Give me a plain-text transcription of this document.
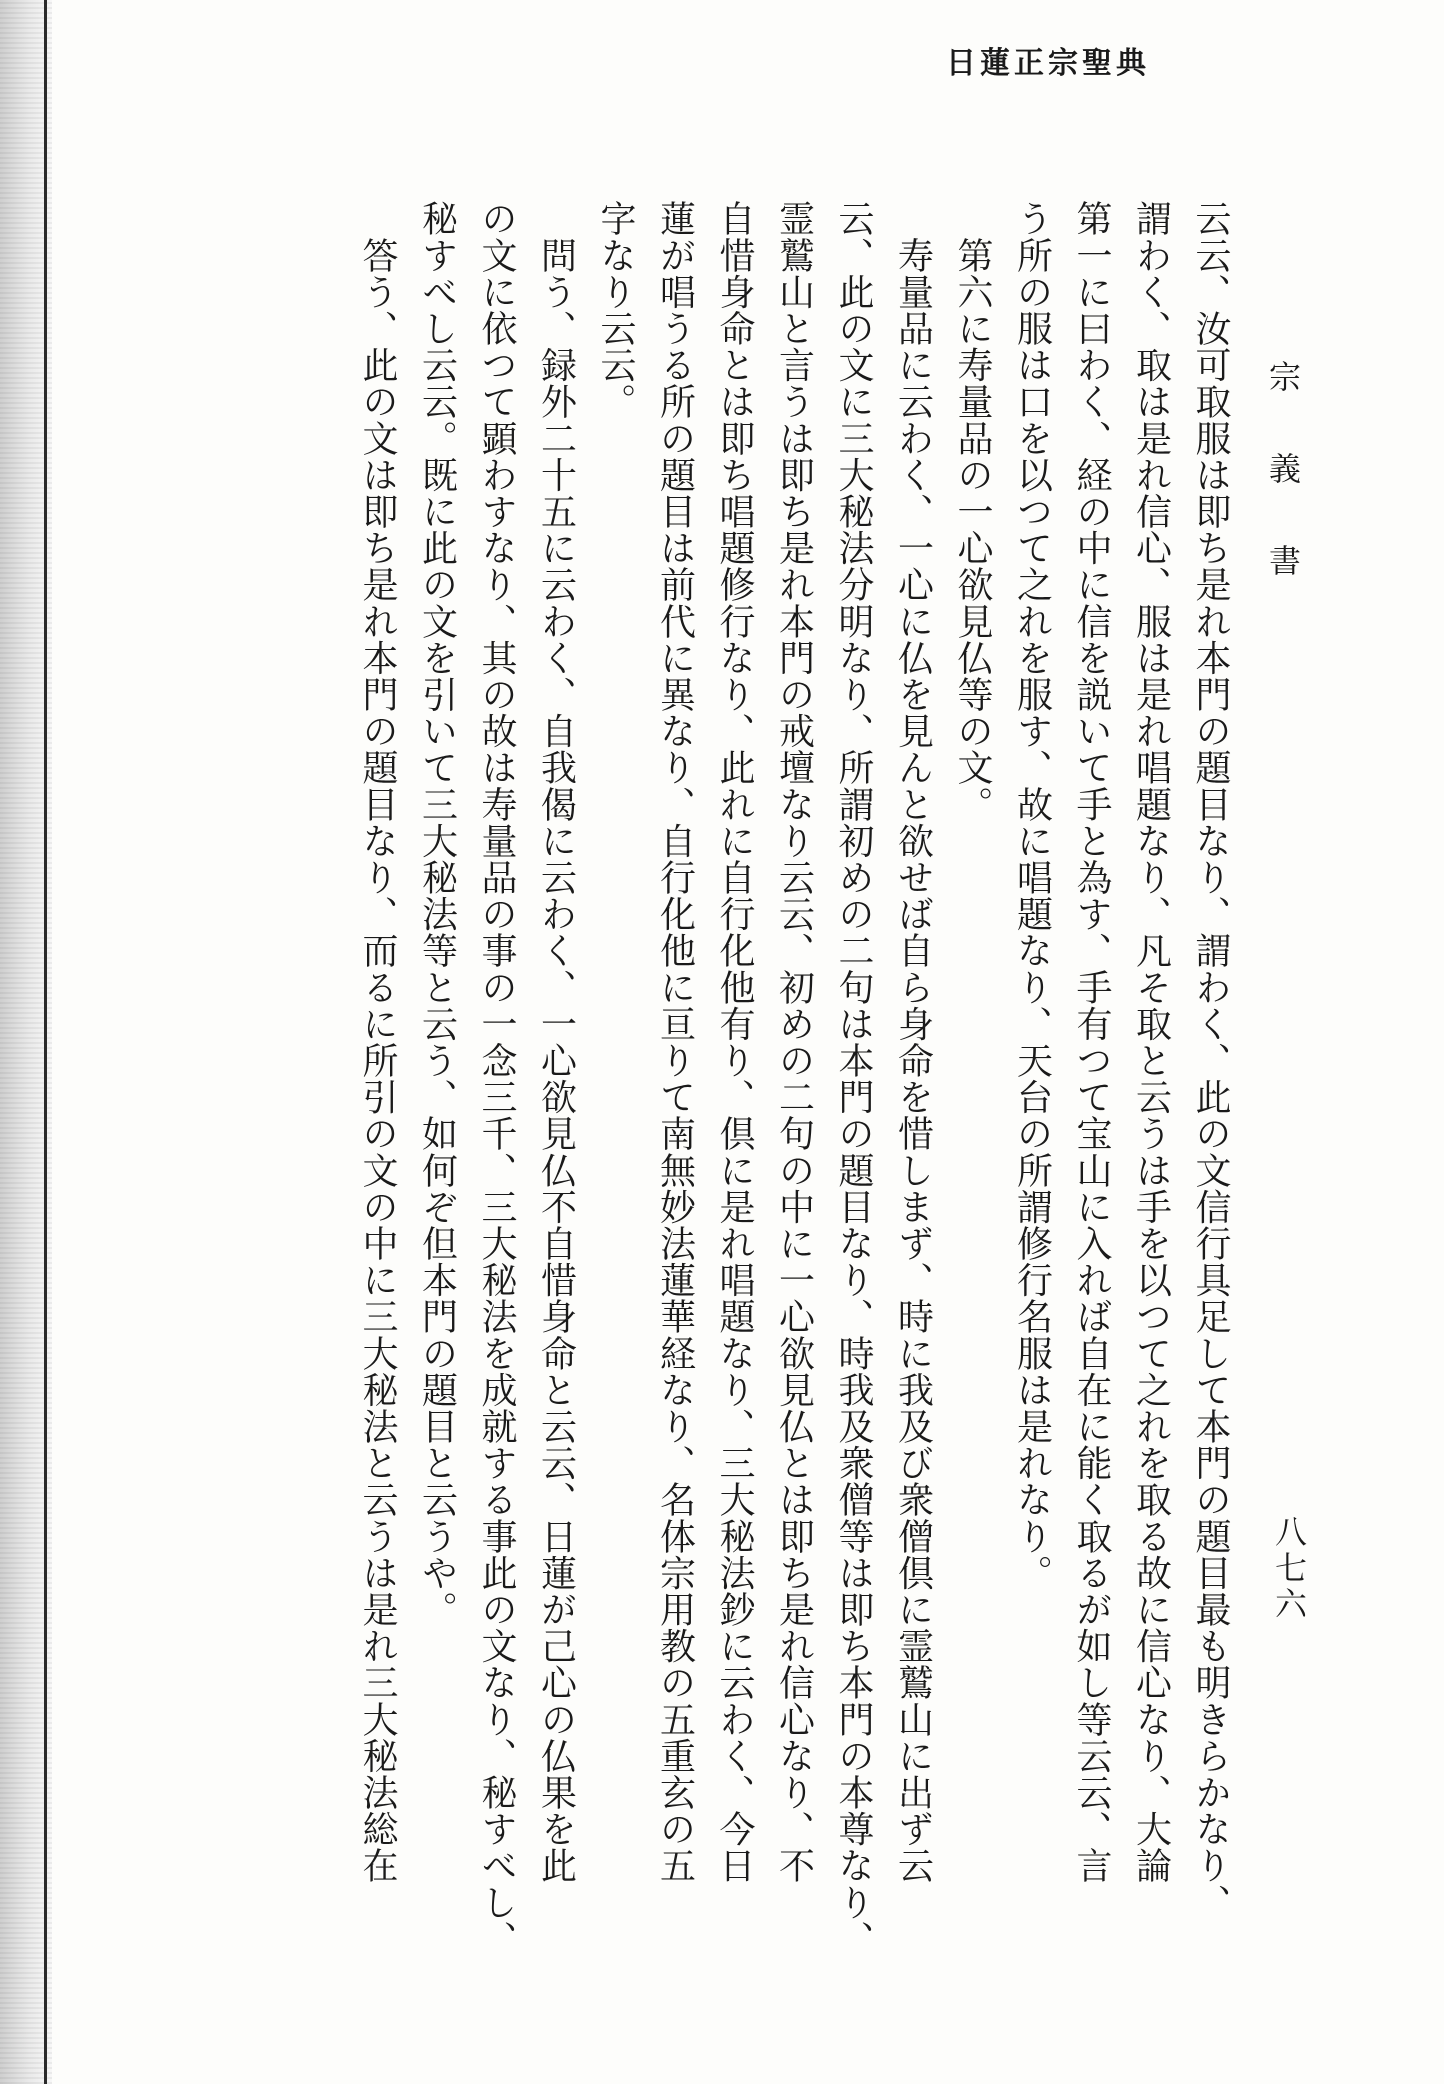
日蓮正宗聖典
宗義書
八七六
云云、汝可取服は即ち是れ本門の題目なり、謂わく、此の文信行具足して本門の題目最も明きらかなり、
謂わく、取は是れ信心、服は是れ唱題なり、凡そ取と云うは手を以つて之れを取る故に信心なり、大論
第一に曰わく、経の中に信を説いて手と為す、手有つて宝山に入れば自在に能く取るが如し等云云、言
う所の服は口を以つて之れを服す、故に唱題なり、天台の所謂修行名服は是れなり。
　第六に寿量品の一心欲見仏等の文。
　寿量品に云わく、一心に仏を見んと欲せば自ら身命を惜しまず、時に我及び衆僧倶に霊鷲山に出ず云
云、此の文に三大秘法分明なり、所謂初めの二句は本門の題目なり、時我及衆僧等は即ち本門の本尊なり、
霊鷲山と言うは即ち是れ本門の戒壇なり云云、初めの二句の中に一心欲見仏とは即ち是れ信心なり、不
自惜身命とは即ち唱題修行なり、此れに自行化他有り、倶に是れ唱題なり、三大秘法鈔に云わく、今日
蓮が唱うる所の題目は前代に異なり、自行化他に亘りて南無妙法蓮華経なり、名体宗用教の五重玄の五
字なり云云。
　問う、録外二十五に云わく、自我偈に云わく、一心欲見仏不自惜身命と云云、日蓮が己心の仏果を此
の文に依つて顕わすなり、其の故は寿量品の事の一念三千、三大秘法を成就する事此の文なり、秘すべし、
秘すべし云云。既に此の文を引いて三大秘法等と云う、如何ぞ但本門の題目と云うや。
　答う、此の文は即ち是れ本門の題目なり、而るに所引の文の中に三大秘法と云うは是れ三大秘法総在
